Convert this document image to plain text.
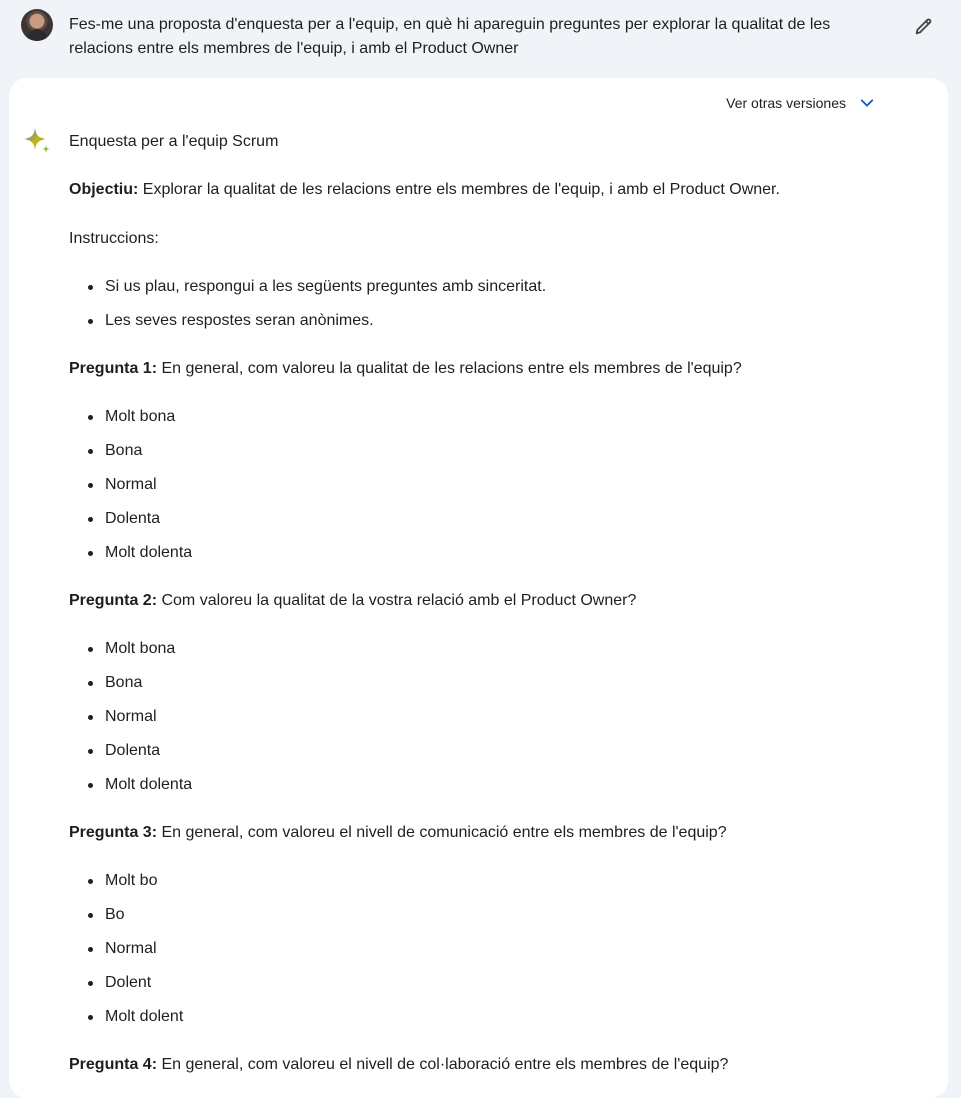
Fes-me una proposta d'enquesta per a l'equip, en què hi apareguin preguntes per explorar la qualitat de les relacions entre els membres de l'equip, i amb el Product Owner
Ver otras versiones
Enquesta per a l'equip Scrum
Objectiu: Explorar la qualitat de les relacions entre els membres de l'equip, i amb el Product Owner.
Instruccions:
Si us plau, respongui a les següents preguntes amb sinceritat.
Les seves respostes seran anònimes.
Pregunta 1: En general, com valoreu la qualitat de les relacions entre els membres de l'equip?
Molt bona
Bona
Normal
Dolenta
Molt dolenta
Pregunta 2: Com valoreu la qualitat de la vostra relació amb el Product Owner?
Molt bona
Bona
Normal
Dolenta
Molt dolenta
Pregunta 3: En general, com valoreu el nivell de comunicació entre els membres de l'equip?
Molt bo
Bo
Normal
Dolent
Molt dolent
Pregunta 4: En general, com valoreu el nivell de col·laboració entre els membres de l'equip?
